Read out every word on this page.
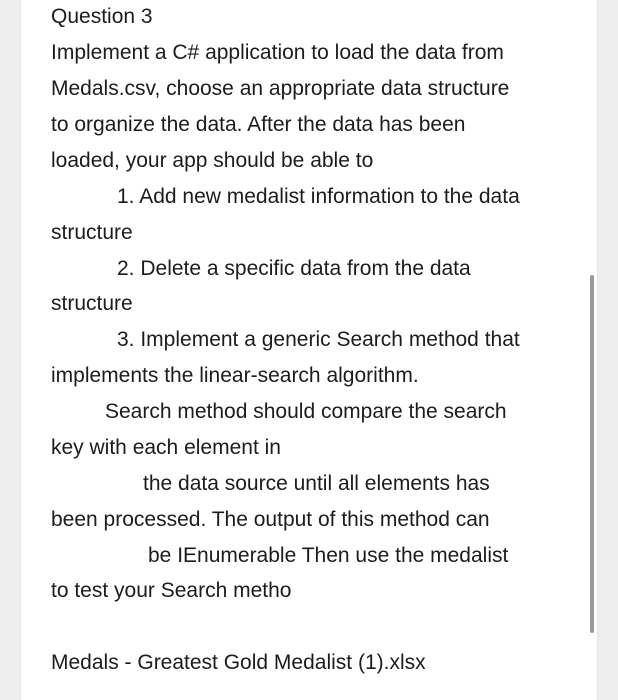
Question 3
Implement a C# application to load the data from
Medals.csv, choose an appropriate data structure
to organize the data. After the data has been
loaded, your app should be able to
1. Add new medalist information to the data
structure
2. Delete a specific data from the data
structure
3. Implement a generic Search method that
implements the linear-search algorithm.
Search method should compare the search
key with each element in
the data source until all elements has
been processed. The output of this method can
be IEnumerable Then use the medalist
to test your Search metho
Medals - Greatest Gold Medalist (1).xlsx
